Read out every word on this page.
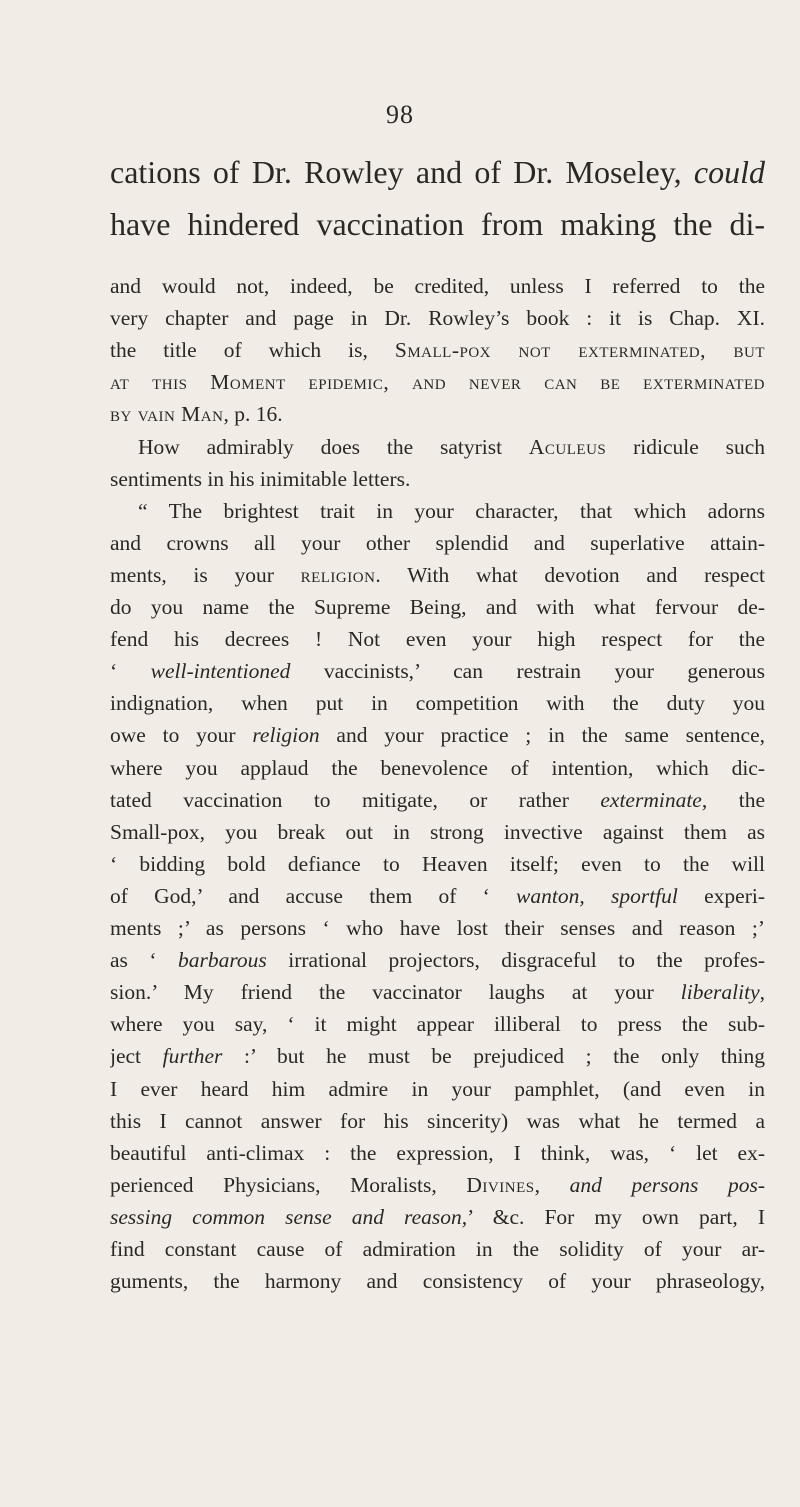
98
cations of Dr. Rowley and of Dr. Moseley, could
have hindered vaccination from making the di-
and would not, indeed, be credited, unless I referred to the
very chapter and page in Dr. Rowley’s book : it is Chap. XI.
the title of which is, Small-pox not exterminated, but
at this Moment epidemic, and never can be exterminated
by vain Man, p. 16.
How admirably does the satyrist Aculeus ridicule such
sentiments in his inimitable letters.
“ The brightest trait in your character, that which adorns
and crowns all your other splendid and superlative attain-
ments, is your religion. With what devotion and respect
do you name the Supreme Being, and with what fervour de-
fend his decrees ! Not even your high respect for the
‘ well-intentioned vaccinists,’ can restrain your generous
indignation, when put in competition with the duty you
owe to your religion and your practice ; in the same sentence,
where you applaud the benevolence of intention, which dic-
tated vaccination to mitigate, or rather exterminate, the
Small-pox, you break out in strong invective against them as
‘ bidding bold defiance to Heaven itself; even to the will
of God,’ and accuse them of ‘ wanton, sportful experi-
ments ;’ as persons ‘ who have lost their senses and reason ;’
as ‘ barbarous irrational projectors, disgraceful to the profes-
sion.’ My friend the vaccinator laughs at your liberality,
where you say, ‘ it might appear illiberal to press the sub-
ject further :’ but he must be prejudiced ; the only thing
I ever heard him admire in your pamphlet, (and even in
this I cannot answer for his sincerity) was what he termed a
beautiful anti-climax : the expression, I think, was, ‘ let ex-
perienced Physicians, Moralists, Divines, and persons pos-
sessing common sense and reason,’ &c. For my own part, I
find constant cause of admiration in the solidity of your ar-
guments, the harmony and consistency of your phraseology,
